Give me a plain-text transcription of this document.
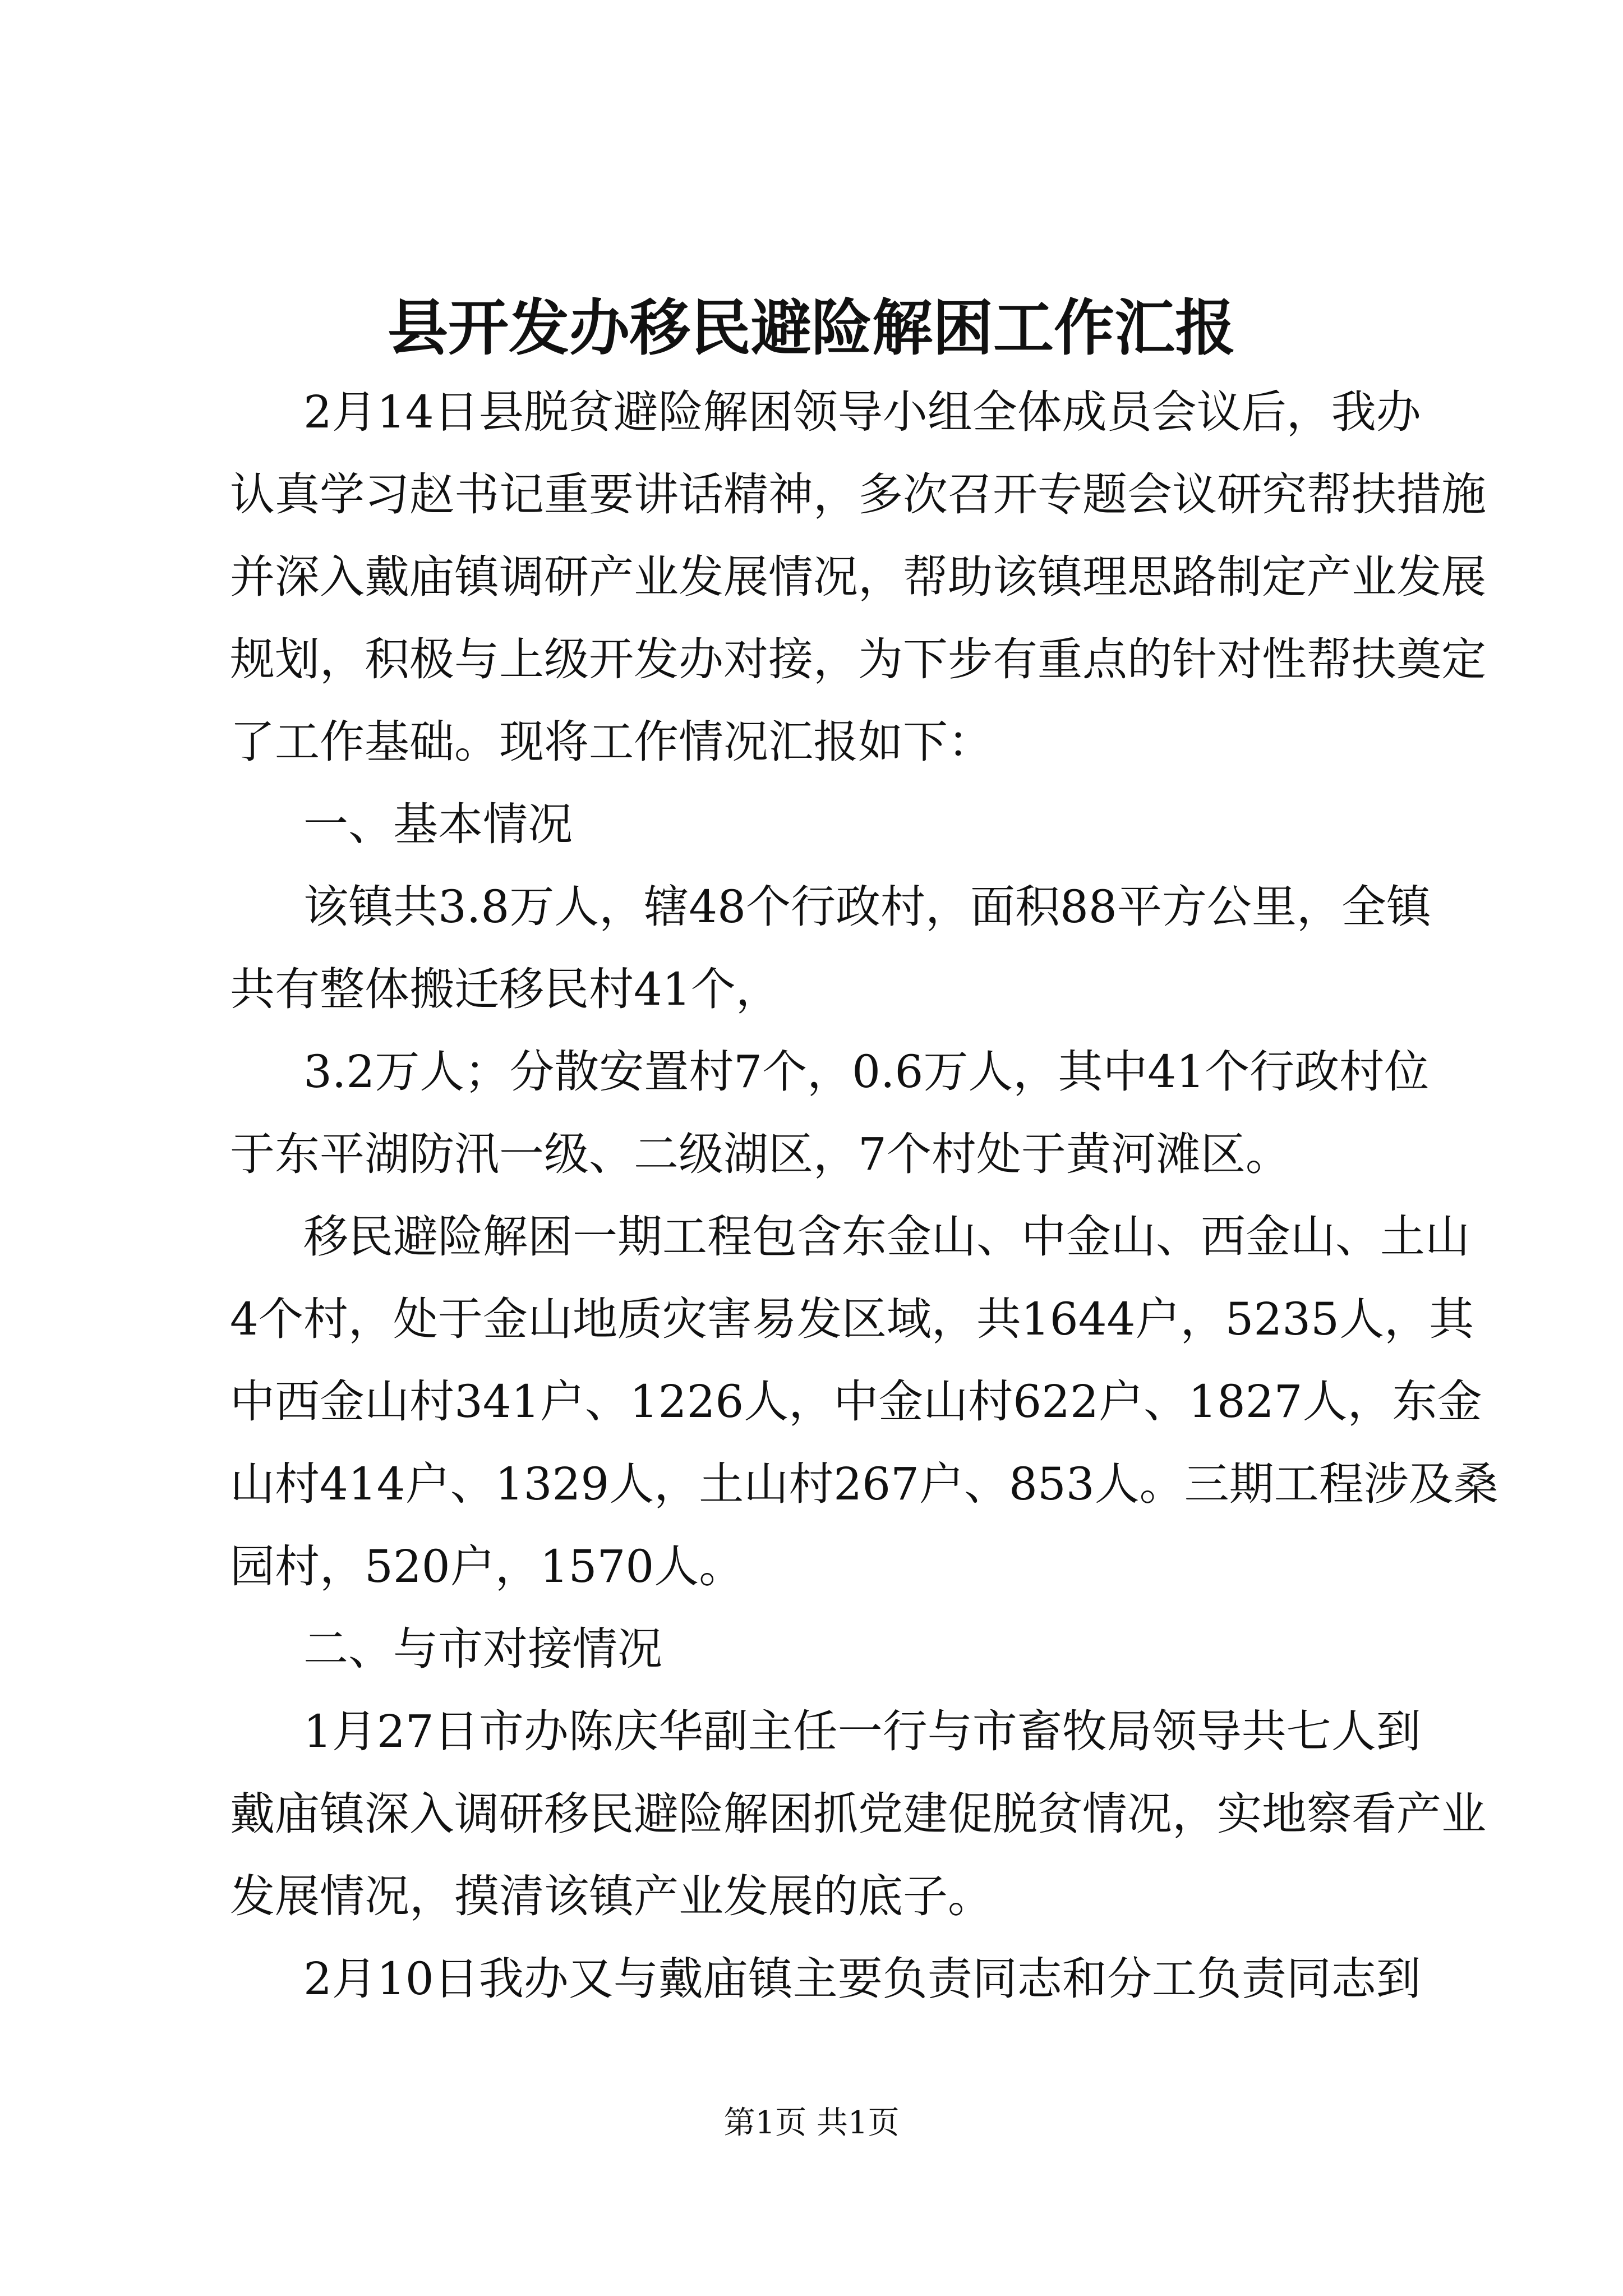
县开发办移民避险解困工作汇报
2月14日县脱贫避险解困领导小组全体成员会议后，我办
认真学习赵书记重要讲话精神，多次召开专题会议研究帮扶措施
并深入戴庙镇调研产业发展情况，帮助该镇理思路制定产业发展
规划，积极与上级开发办对接，为下步有重点的针对性帮扶奠定
了工作基础。现将工作情况汇报如下：
一、基本情况
该镇共3.8万人，辖48个行政村，面积88平方公里，全镇
共有整体搬迁移民村41个，
3.2万人；分散安置村7个，0.6万人，其中41个行政村位
于东平湖防汛一级、二级湖区，7个村处于黄河滩区。
移民避险解困一期工程包含东金山、中金山、西金山、土山
4个村，处于金山地质灾害易发区域，共1644户，5235人，其
中西金山村341户、1226人，中金山村622户、1827人，东金
山村414户、1329人，土山村267户、853人。三期工程涉及桑
园村，520户，1570人。
二、与市对接情况
1月27日市办陈庆华副主任一行与市畜牧局领导共七人到
戴庙镇深入调研移民避险解困抓党建促脱贫情况，实地察看产业
发展情况，摸清该镇产业发展的底子。
2月10日我办又与戴庙镇主要负责同志和分工负责同志到
第1页 共1页
